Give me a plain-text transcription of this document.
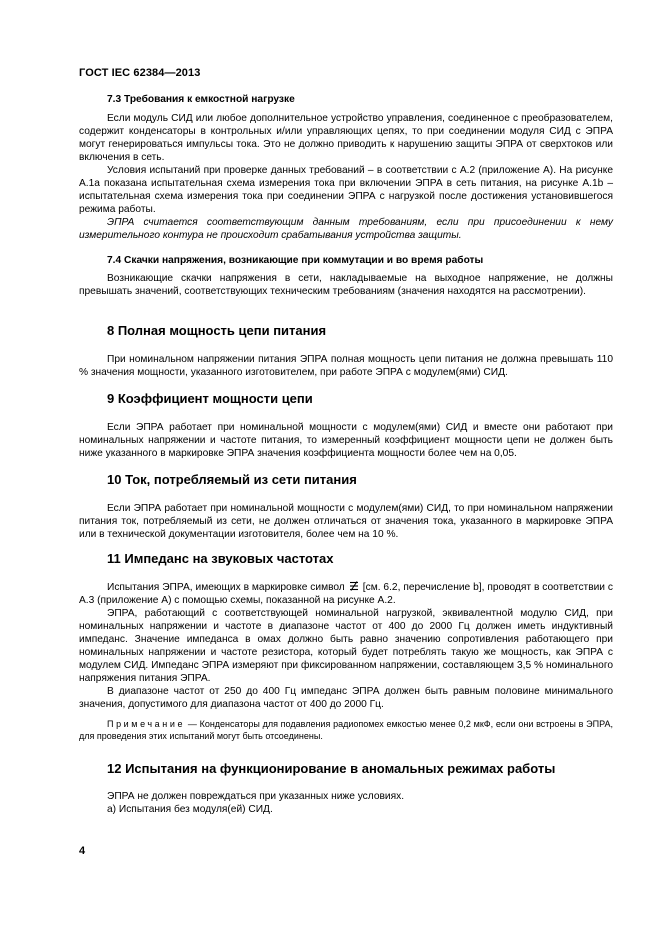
ГОСТ IEC 62384—2013
7.3 Требования к емкостной нагрузке

Если модуль СИД или любое дополнительное устройство управления, соединенное с преобразователем, содержит конденсаторы в контрольных и/или управляющих цепях, то при соединении модуля СИД с ЭПРА могут генерироваться импульсы тока. Это не должно приводить к нарушению защиты ЭПРА от сверхтоков или включения в сеть.

Условия испытаний при проверке данных требований – в соответствии с А.2 (приложение А). На рисунке А.1а показана испытательная схема измерения тока при включении ЭПРА в сеть питания, на рисунке А.1b – испытательная схема измерения тока при соединении ЭПРА с нагрузкой после достижения установившегося режима работы.

ЭПРА считается соответствующим данным требованиям, если при присоединении к нему измерительного контура не происходит срабатывания устройства защиты.

7.4 Скачки напряжения, возникающие при коммутации и во время работы

Возникающие скачки напряжения в сети, накладываемые на выходное напряжение, не должны превышать значений, соответствующих техническим требованиям (значения находятся на рассмотрении).

8 Полная мощность цепи питания

При номинальном напряжении питания ЭПРА полная мощность цепи питания не должна превышать 110 % значения мощности, указанного изготовителем, при работе ЭПРА с модулем(ями) СИД.

9 Коэффициент мощности цепи

Если ЭПРА работает при номинальной мощности с модулем(ями) СИД и вместе они работают при номинальных напряжении и частоте питания, то измеренный коэффициент мощности цепи не должен быть ниже указанного в маркировке ЭПРА значения коэффициента мощности более чем на 0,05.

10 Ток, потребляемый из сети питания

Если ЭПРА работает при номинальной мощности с модулем(ями) СИД, то при номинальном напряжении питания ток, потребляемый из сети, не должен отличаться от значения тока, указанного в маркировке ЭПРА или в технической документации изготовителя, более чем на 10 %.

11 Импеданс на звуковых частотах

Испытания ЭПРА, имеющих в маркировке символ [см. 6.2, перечисление b], проводят в соответствии с А.3 (приложение А) с помощью схемы, показанной на рисунке А.2.

ЭПРА, работающий с соответствующей номинальной нагрузкой, эквивалентной модулю СИД, при номинальных напряжении и частоте в диапазоне частот от 400 до 2000 Гц должен иметь индуктивный импеданс. Значение импеданса в омах должно быть равно значению сопротивления работающего при номинальных напряжении и частоте резистора, который будет потреблять такую же мощность, как ЭПРА с модулем СИД. Импеданс ЭПРА измеряют при фиксированном напряжении, составляющем 3,5 % номинального напряжения питания ЭПРА.

В диапазоне частот от 250 до 400 Гц импеданс ЭПРА должен быть равным половине минимального значения, допустимого для диапазона частот от 400 до 2000 Гц.

Примечание — Конденсаторы для подавления радиопомех емкостью менее 0,2 мкФ, если они встроены в ЭПРА, для проведения этих испытаний могут быть отсоединены.

12 Испытания на функционирование в аномальных режимах работы

ЭПРА не должен повреждаться при указанных ниже условиях.

а) Испытания без модуля(ей) СИД.

4
